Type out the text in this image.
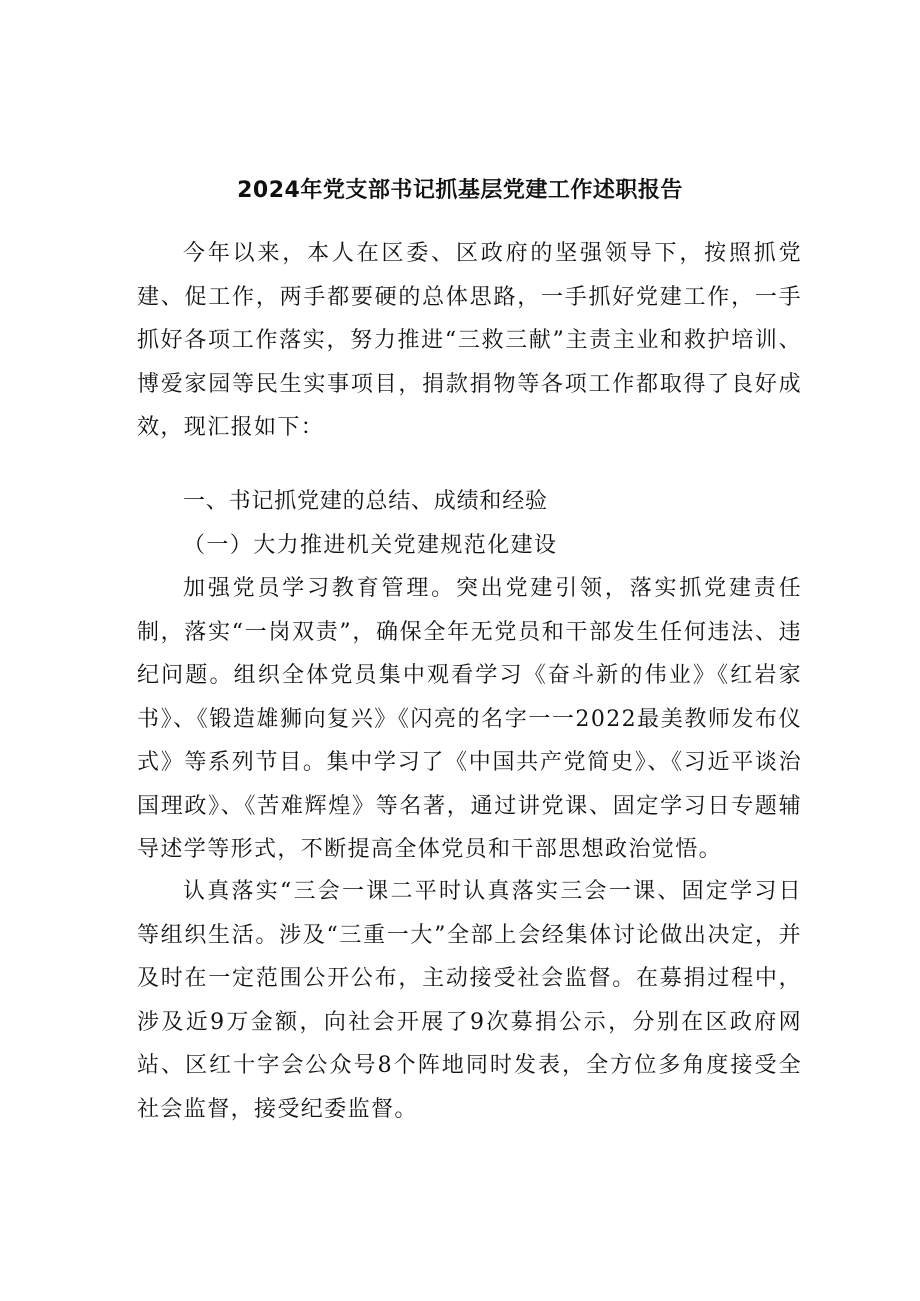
2024年党支部书记抓基层党建工作述职报告

今年以来，本人在区委、区政府的坚强领导下，按照抓党建、促工作，两手都要硬的总体思路，一手抓好党建工作，一手抓好各项工作落实，努力推进“三救三献”主责主业和救护培训、博爱家园等民生实事项目，捐款捐物等各项工作都取得了良好成效，现汇报如下：

一、书记抓党建的总结、成绩和经验
（一）大力推进机关党建规范化建设

加强党员学习教育管理。突出党建引领，落实抓党建责任制，落实“一岗双责”，确保全年无党员和干部发生任何违法、违纪问题。组织全体党员集中观看学习《奋斗新的伟业》《红岩家书》、《锻造雄狮向复兴》《闪亮的名字一一2022最美教师发布仪式》等系列节目。集中学习了《中国共产党简史》、《习近平谈治国理政》、《苦难辉煌》等名著，通过讲党课、固定学习日专题辅导述学等形式，不断提高全体党员和干部思想政治觉悟。

认真落实“三会一课二平时认真落实三会一课、固定学习日等组织生活。涉及“三重一大”全部上会经集体讨论做出决定，并及时在一定范围公开公布，主动接受社会监督。在募捐过程中，涉及近9万金额，向社会开展了9次募捐公示，分别在区政府网站、区红十字会公众号8个阵地同时发表，全方位多角度接受全社会监督，接受纪委监督。
